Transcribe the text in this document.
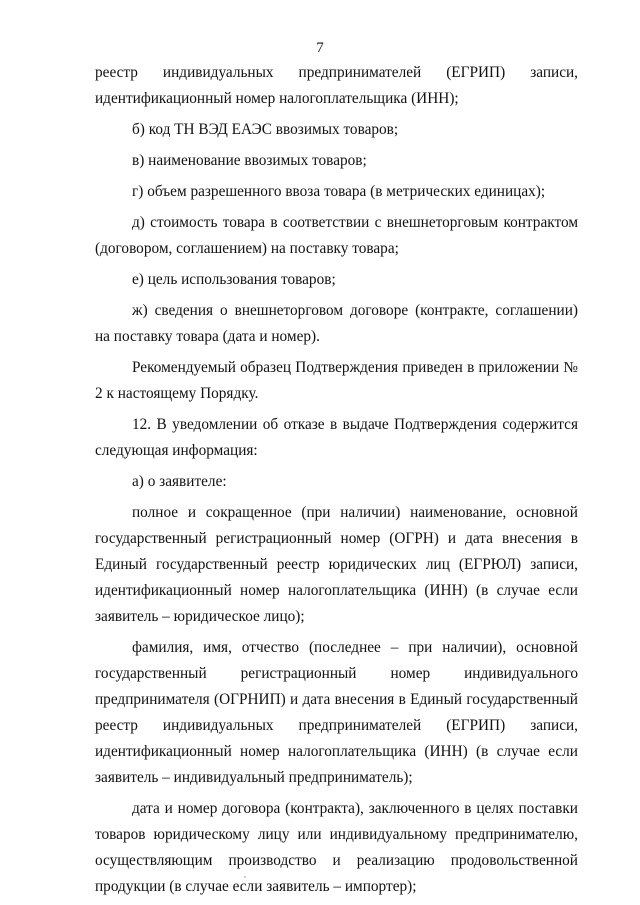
7

реестр индивидуальных предпринимателей (ЕГРИП) записи,

идентификационный номер налогоплательщика (ИНН);

б) код ТН ВЭД ЕАЭС ввозимых товаров;

в) наименование ввозимых товаров;

г) объем разрешенного ввоза товара (в метрических единицах);

д) стоимость товара в соответствии с внешнеторговым контрактом (договором, соглашением) на поставку товара;

е) цель использования товаров;

ж) сведения о внешнеторговом договоре (контракте, соглашении) на поставку товара (дата и номер).

Рекомендуемый образец Подтверждения приведен в приложении № 2 к настоящему Порядку.

12. В уведомлении об отказе в выдаче Подтверждения содержится следующая информация:

а) о заявителе:

полное и сокращенное (при наличии) наименование, основной государственный регистрационный номер (ОГРН) и дата внесения в Единый государственный реестр юридических лиц (ЕГРЮЛ) записи, идентификационный номер налогоплательщика (ИНН) (в случае если заявитель – юридическое лицо);

фамилия, имя, отчество (последнее – при наличии), основной государственный регистрационный номер индивидуального предпринимателя (ОГРНИП) и дата внесения в Единый государственный реестр индивидуальных предпринимателей (ЕГРИП) записи, идентификационный номер налогоплательщика (ИНН) (в случае если заявитель – индивидуальный предприниматель);

дата и номер договора (контракта), заключенного в целях поставки товаров юридическому лицу или индивидуальному предпринимателю, осуществляющим производство и реализацию продовольственной продукции (в случае если заявитель – импортер);
